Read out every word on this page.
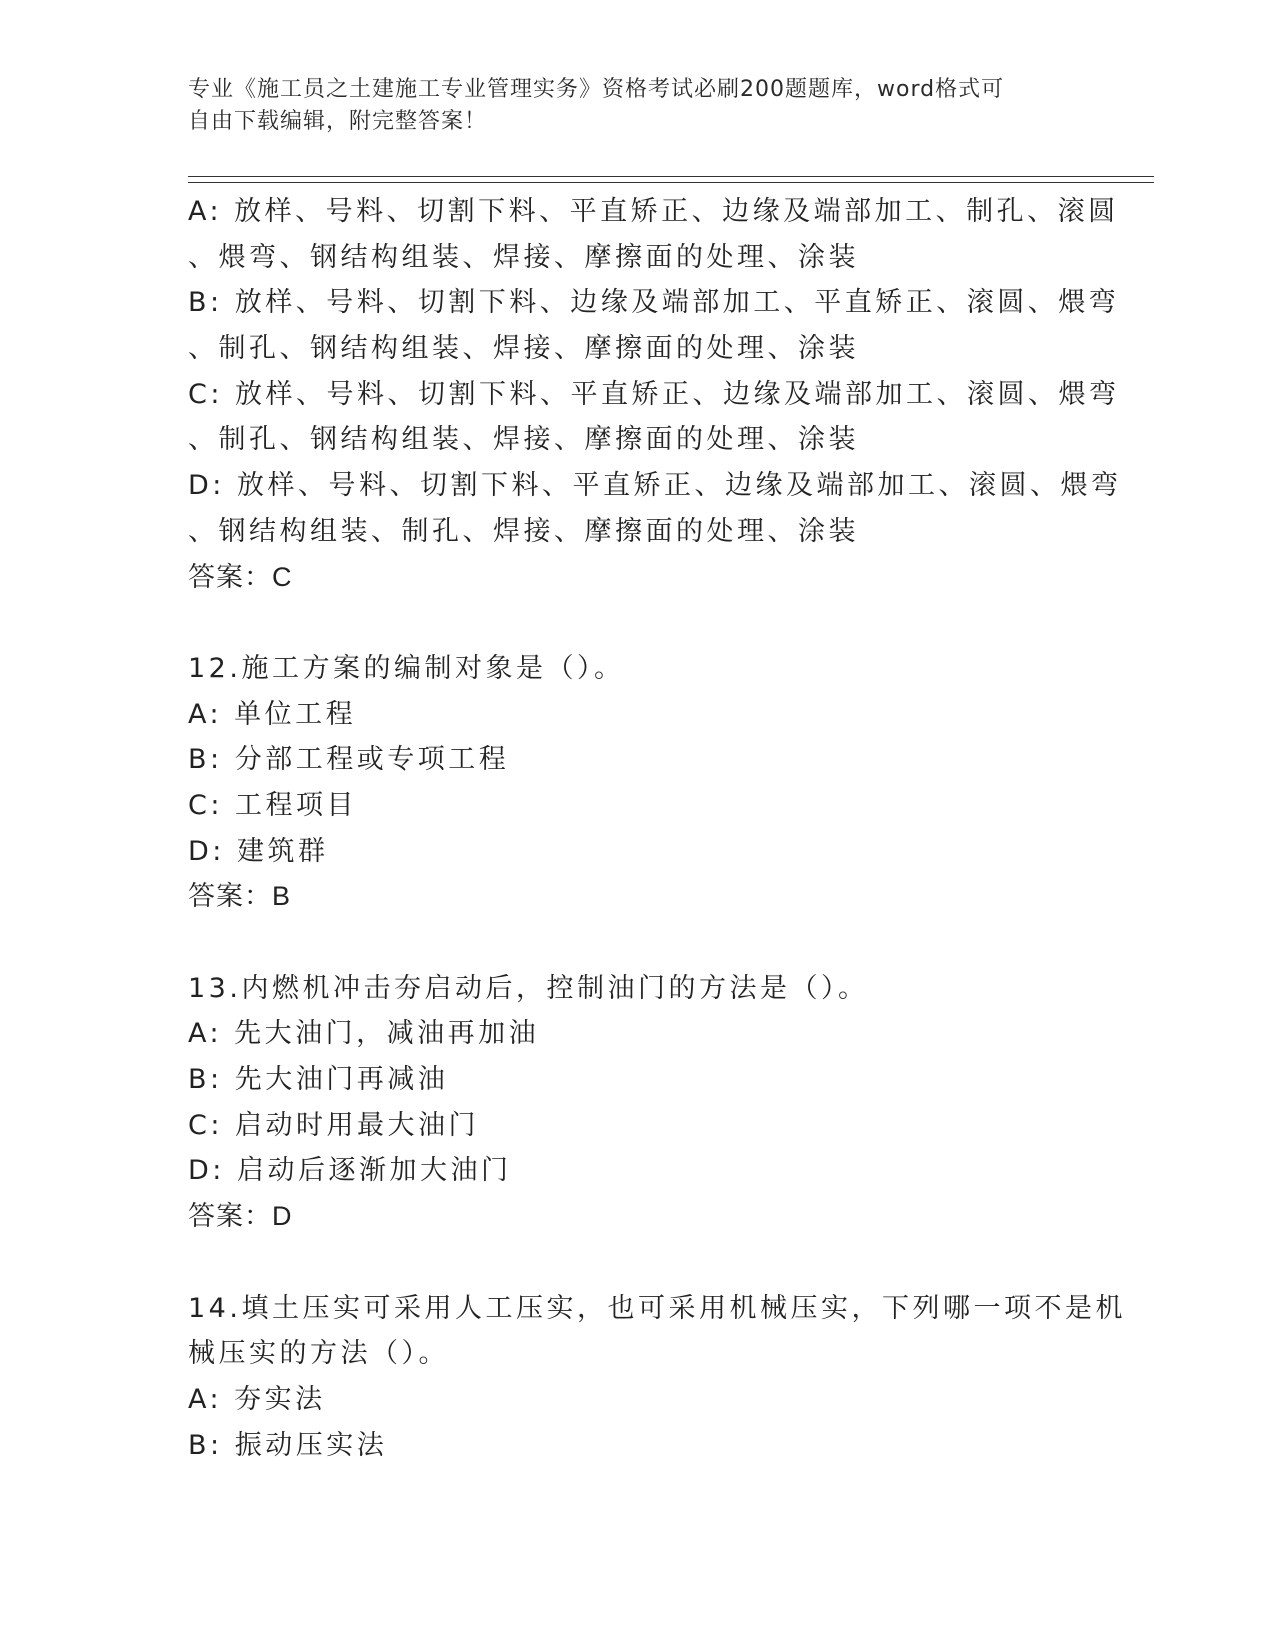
专业《施工员之土建施工专业管理实务》资格考试必刷200题题库，word格式可
自由下载编辑，附完整答案！
A: 放样、号料、切割下料、平直矫正、边缘及端部加工、制孔、滚圆
、煨弯、钢结构组装、焊接、摩擦面的处理、涂装
B: 放样、号料、切割下料、边缘及端部加工、平直矫正、滚圆、煨弯
、制孔、钢结构组装、焊接、摩擦面的处理、涂装
C: 放样、号料、切割下料、平直矫正、边缘及端部加工、滚圆、煨弯
、制孔、钢结构组装、焊接、摩擦面的处理、涂装
D: 放样、号料、切割下料、平直矫正、边缘及端部加工、滚圆、煨弯
、钢结构组装、制孔、焊接、摩擦面的处理、涂装
答案：C
12.施工方案的编制对象是（）。
A: 单位工程
B: 分部工程或专项工程
C: 工程项目
D: 建筑群
答案：B
13.内燃机冲击夯启动后，控制油门的方法是（）。
A: 先大油门，减油再加油
B: 先大油门再减油
C: 启动时用最大油门
D: 启动后逐渐加大油门
答案：D
14.填土压实可采用人工压实，也可采用机械压实，下列哪一项不是机
械压实的方法（）。
A: 夯实法
B: 振动压实法
